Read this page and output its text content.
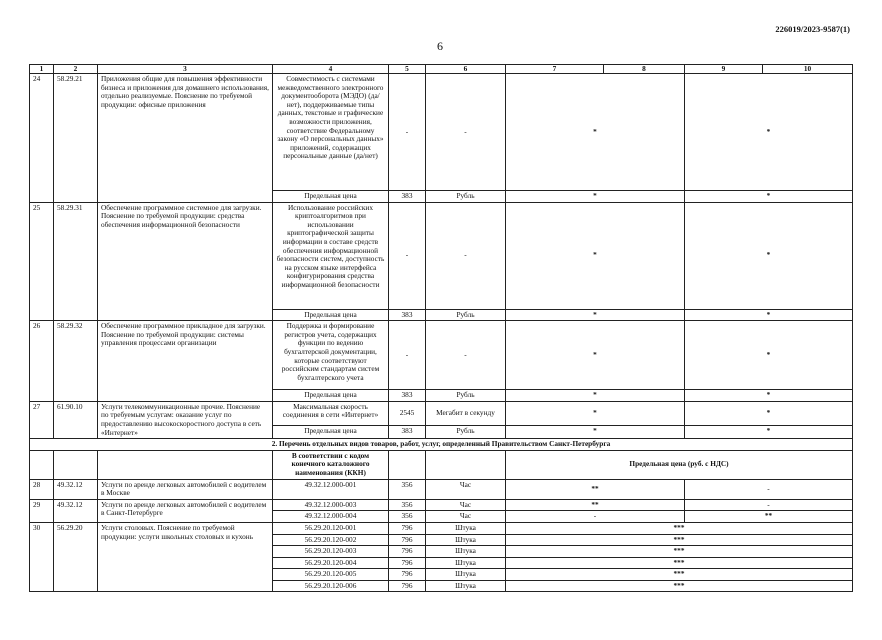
226019/2023-9587(1)
6
1	2	3	4	5	6	7	8	9	10
24	58.29.21	Приложения общие для повышения эффективности бизнеса и приложения для домашнего использования, отдельно реализуемые. Пояснение по требуемой продукции: офисные приложения	Совместимость с системами межведомственного электронного документооборота (МЭДО) (да/нет), поддерживаемые типы данных, текстовые и графические возможности приложения, соответствие Федеральному закону «О персональных данных» приложений, содержащих персональные данные (да/нет)	-	-	*		*	
			Предельная цена	383	Рубль	*		*	
25	58.29.31	Обеспечение программное системное для загрузки. Пояснение по требуемой продукции: средства обеспечения информационной безопасности	Использование российских криптоалгоритмов при использовании криптографической защиты информации в составе средств обеспечения информационной безопасности систем, доступность на русском языке интерфейса конфигурирования средства информационной безопасности	-	-	*		*	
			Предельная цена	383	Рубль	*		*	
26	58.29.32	Обеспечение программное прикладное для загрузки. Пояснение по требуемой продукции: системы управления процессами организации	Поддержка и формирование регистров учета, содержащих функции по ведению бухгалтерской документации, которые соответствуют российским стандартам систем бухгалтерского учета	-	-	*		*	
			Предельная цена	383	Рубль	*		*	
27	61.90.10	Услуги телекоммуникационные прочие. Пояснение по требуемым услугам: оказание услуг по предоставлению высокоскоростного доступа в сеть «Интернет»	Максимальная скорость соединения в сети «Интернет»	2545	Мегабит в секунду	*		*	
			Предельная цена	383	Рубль	*		*	
2. Перечень отдельных видов товаров, работ, услуг, определенный Правительством Санкт-Петербурга									
			В соответствии с кодом конечного каталожного наименования (ККН)			Предельная цена (руб. с НДС)			
28	49.32.12	Услуги по аренде легковых автомобилей с водителем в Москве	49.32.12.000-001	356	Час	**		-	
29	49.32.12	Услуги по аренде легковых автомобилей с водителем в Санкт-Петербурге	49.32.12.000-003	356	Час	**		-	
			49.32.12.000-004	356	Час	-		**	
30	56.29.20	Услуги столовых. Пояснение по требуемой продукции: услуги школьных столовых и кухонь	56.29.20.120-001	796	Штука	***			
			56.29.20.120-002	796	Штука	***			
			56.29.20.120-003	796	Штука	***			
			56.29.20.120-004	796	Штука	***			
			56.29.20.120-005	796	Штука	***			
			56.29.20.120-006	796	Штука	***			
